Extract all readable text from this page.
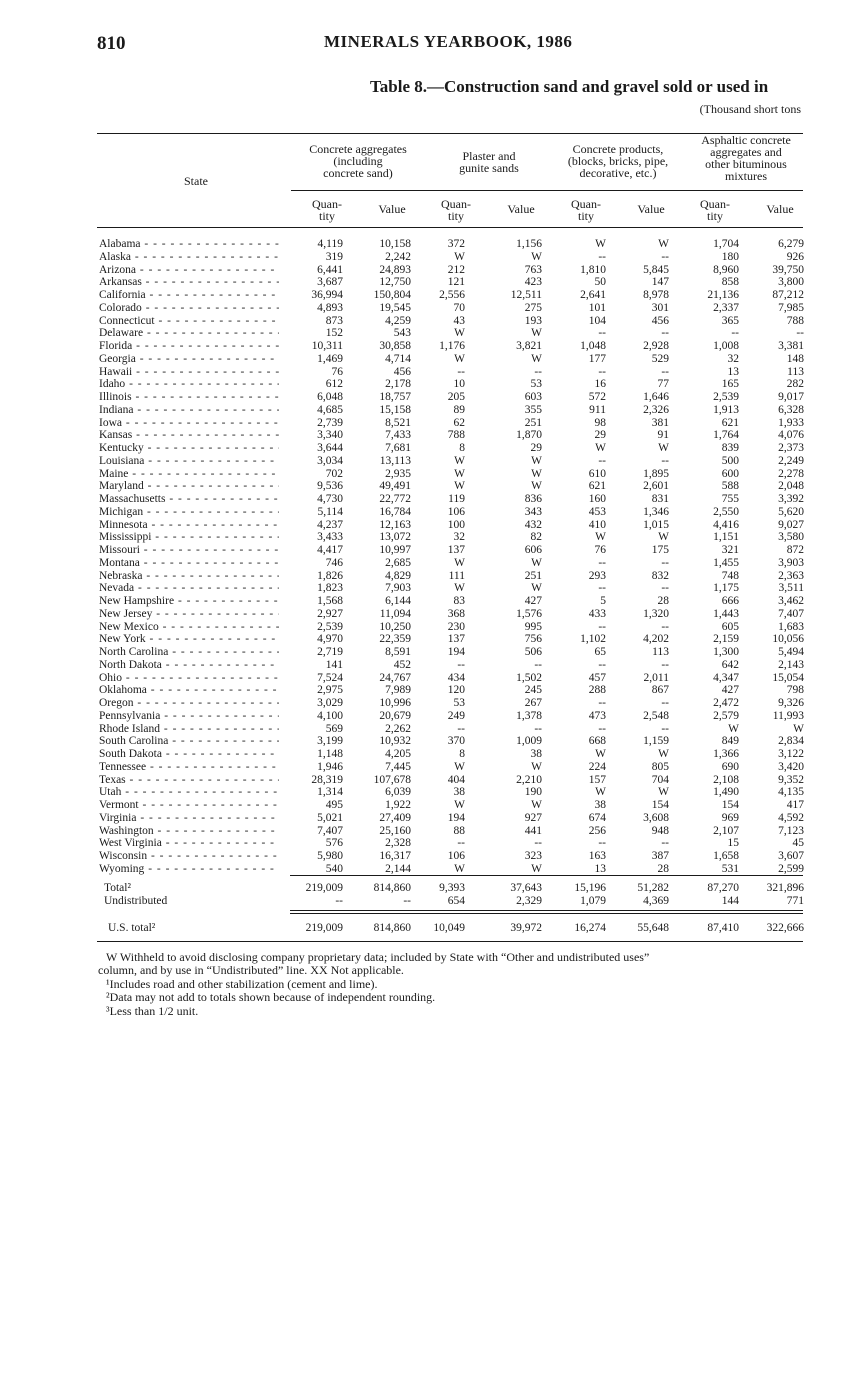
810	MINERALS YEARBOOK, 1986
Table 8.—Construction sand and gravel sold or used in
(Thousand short tons
State
Concrete aggregates
(including
concrete sand)
Plaster and
gunite sands
Concrete products,
(blocks, bricks, pipe,
decorative, etc.)
Asphaltic concrete
aggregates and
other bituminous
mixtures
Quan-
tity	Value	Quan-
tity	Value	Quan-
tity	Value	Quan-
tity	Value
Alabama - - -	4,119	10,158	372	1,156	W	W	1,704	6,279
Alaska - - -	319	2,242	W	W	--	--	180	926
Arizona - - -	6,441	24,893	212	763	1,810	5,845	8,960	39,750
Arkansas - - -	3,687	12,750	121	423	50	147	858	3,800
California - - -	36,994	150,804	2,556	12,511	2,641	8,978	21,136	87,212
Colorado - - -	4,893	19,545	70	275	101	301	2,337	7,985
Connecticut - - -	873	4,259	43	193	104	456	365	788
Delaware - - -	152	543	W	W	--	--	--	--
Florida - - -	10,311	30,858	1,176	3,821	1,048	2,928	1,008	3,381
Georgia - - -	1,469	4,714	W	W	177	529	32	148
Hawaii - - -	76	456	--	--	--	--	13	113
Idaho - - -	612	2,178	10	53	16	77	165	282
Illinois - - -	6,048	18,757	205	603	572	1,646	2,539	9,017
Indiana - - -	4,685	15,158	89	355	911	2,326	1,913	6,328
Iowa - - -	2,739	8,521	62	251	98	381	621	1,933
Kansas - - -	3,340	7,433	788	1,870	29	91	1,764	4,076
Kentucky - - -	3,644	7,681	8	29	W	W	839	2,373
Louisiana - - -	3,034	13,113	W	W	--	--	500	2,249
Maine - - -	702	2,935	W	W	610	1,895	600	2,278
Maryland - - -	9,536	49,491	W	W	621	2,601	588	2,048
Massachusetts - - -	4,730	22,772	119	836	160	831	755	3,392
Michigan - - -	5,114	16,784	106	343	453	1,346	2,550	5,620
Minnesota - - -	4,237	12,163	100	432	410	1,015	4,416	9,027
Mississippi - - -	3,433	13,072	32	82	W	W	1,151	3,580
Missouri - - -	4,417	10,997	137	606	76	175	321	872
Montana - - -	746	2,685	W	W	--	--	1,455	3,903
Nebraska - - -	1,826	4,829	111	251	293	832	748	2,363
Nevada - - -	1,823	7,903	W	W	--	--	1,175	3,511
New Hampshire - - -	1,568	6,144	83	427	5	28	666	3,462
New Jersey - - -	2,927	11,094	368	1,576	433	1,320	1,443	7,407
New Mexico - - -	2,539	10,250	230	995	--	--	605	1,683
New York - - -	4,970	22,359	137	756	1,102	4,202	2,159	10,056
North Carolina - - -	2,719	8,591	194	506	65	113	1,300	5,494
North Dakota - - -	141	452	--	--	--	--	642	2,143
Ohio - - -	7,524	24,767	434	1,502	457	2,011	4,347	15,054
Oklahoma - - -	2,975	7,989	120	245	288	867	427	798
Oregon - - -	3,029	10,996	53	267	--	--	2,472	9,326
Pennsylvania - - -	4,100	20,679	249	1,378	473	2,548	2,579	11,993
Rhode Island - - -	569	2,262	--	--	--	--	W	W
South Carolina - - -	3,199	10,932	370	1,009	668	1,159	849	2,834
South Dakota - - -	1,148	4,205	8	38	W	W	1,366	3,122
Tennessee - - -	1,946	7,445	W	W	224	805	690	3,420
Texas - - -	28,319	107,678	404	2,210	157	704	2,108	9,352
Utah - - -	1,314	6,039	38	190	W	W	1,490	4,135
Vermont - - -	495	1,922	W	W	38	154	154	417
Virginia - - -	5,021	27,409	194	927	674	3,608	969	4,592
Washington - - -	7,407	25,160	88	441	256	948	2,107	7,123
West Virginia - - -	576	2,328	--	--	--	--	15	45
Wisconsin - - -	5,980	16,317	106	323	163	387	1,658	3,607
Wyoming - - -	540	2,144	W	W	13	28	531	2,599
Total²	219,009	814,860	9,393	37,643	15,196	51,282	87,270	321,896
Undistributed	--	--	654	2,329	1,079	4,369	144	771
U.S. total²	219,009	814,860	10,049	39,972	16,274	55,648	87,410	322,666
W Withheld to avoid disclosing company proprietary data; included by State with “Other and undistributed uses”
column, and by use in “Undistributed” line. XX Not applicable.
¹Includes road and other stabilization (cement and lime).
²Data may not add to totals shown because of independent rounding.
³Less than 1/2 unit.
